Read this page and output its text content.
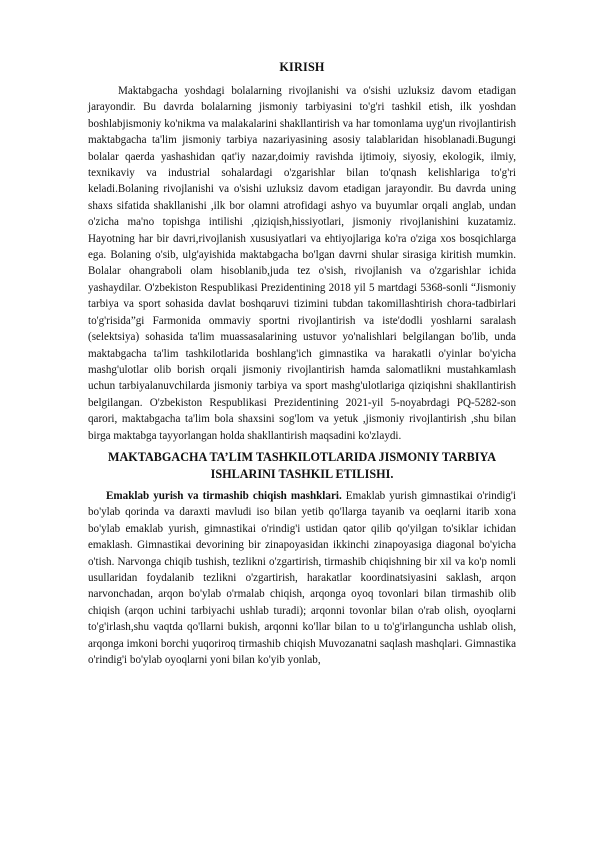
KIRISH

Maktabgacha yoshdagi bolalarning rivojlanishi va o'sishi uzluksiz davom etadigan jarayondir. Bu davrda bolalarning jismoniy tarbiyasini to'g'ri tashkil etish, ilk yoshdan boshlabjismoniy ko'nikma va malakalarini shakllantirish va har tomonlama uyg'un rivojlantirish maktabgacha ta'lim jismoniy tarbiya nazariyasining asosiy talablaridan hisoblanadi.Bugungi bolalar qaerda yashashidan qat'iy nazar,doimiy ravishda ijtimoiy, siyosiy, ekologik, ilmiy, texnikaviy va industrial sohalardagi o'zgarishlar bilan to'qnash kelishlariga to'g'ri keladi.Bolaning rivojlanishi va o'sishi uzluksiz davom etadigan jarayondir. Bu davrda uning shaxs sifatida shakllanishi ,ilk bor olamni atrofidagi ashyo va buyumlar orqali anglab, undan o'zicha ma'no topishga intilishi ,qiziqish,hissiyotlari, jismoniy rivojlanishini kuzatamiz. Hayotning har bir davri,rivojlanish xususiyatlari va ehtiyojlariga ko'ra o'ziga xos bosqichlarga ega. Bolaning o'sib, ulg'ayishida maktabgacha bo'lgan davrni shular sirasiga kiritish mumkin. Bolalar ohangraboli olam hisoblanib,juda tez o'sish, rivojlanish va o'zgarishlar ichida yashaydilar. O'zbekiston Respublikasi Prezidentining 2018 yil 5 martdagi 5368-sonli “Jismoniy tarbiya va sport sohasida davlat boshqaruvi tizimini tubdan takomillashtirish chora-tadbirlari to'g'risida”gi Farmonida ommaviy sportni rivojlantirish va iste'dodli yoshlarni saralash (selektsiya) sohasida ta'lim muassasalarining ustuvor yo'nalishlari belgilangan bo'lib, unda maktabgacha ta'lim tashkilotlarida boshlang'ich gimnastika va harakatli o'yinlar bo'yicha mashg'ulotlar olib borish orqali jismoniy rivojlantirish hamda salomatlikni mustahkamlash uchun tarbiyalanuvchilarda jismoniy tarbiya va sport mashg'ulotlariga qiziqishni shakllantirish belgilangan. O'zbekiston Respublikasi Prezidentining 2021-yil 5-noyabrdagi PQ-5282-son qarori, maktabgacha ta'lim bola shaxsini sog'lom va yetuk ,jismoniy rivojlantirish ,shu bilan birga maktabga tayyorlangan holda shakllantirish maqsadini ko'zlaydi.

MAKTABGACHA TA’LIM TASHKILOTLARIDA JISMONIY TARBIYA ISHLARINI TASHKIL ETILISHI.

Emaklab yurish va tirmashib chiqish mashklari. Emaklab yurish gimnastikai o'rindig'i bo'ylab qorinda va daraxti mavludi iso bilan yetib qo'llarga tayanib va oeqlarni itarib xona bo'ylab emaklab yurish, gimnastikai o'rindig'i ustidan qator qilib qo'yilgan to'siklar ichidan emaklash. Gimnastikai devorining bir zinapoyasidan ikkinchi zinapoyasiga diagonal bo'yicha o'tish. Narvonga chiqib tushish, tezlikni o'zgartirish, tirmashib chiqishning bir xil va ko'p nomli usullaridan foydalanib tezlikni o'zgartirish, harakatlar koordinatsiyasini saklash, arqon narvonchadan, arqon bo'ylab o'rmalab chiqish, arqonga oyoq tovonlari bilan tirmashib olib chiqish (arqon uchini tarbiyachi ushlab turadi); arqonni tovonlar bilan o'rab olish, oyoqlarni to'g'irlash,shu vaqtda qo'llarni bukish, arqonni ko'llar bilan to u to'g'irlanguncha ushlab olish, arqonga imkoni borchi yuqoriroq tirmashib chiqish Muvozanatni saqlash mashqlari. Gimnastika o'rindig'i bo'ylab oyoqlarni yoni bilan ko'yib yonlab,
